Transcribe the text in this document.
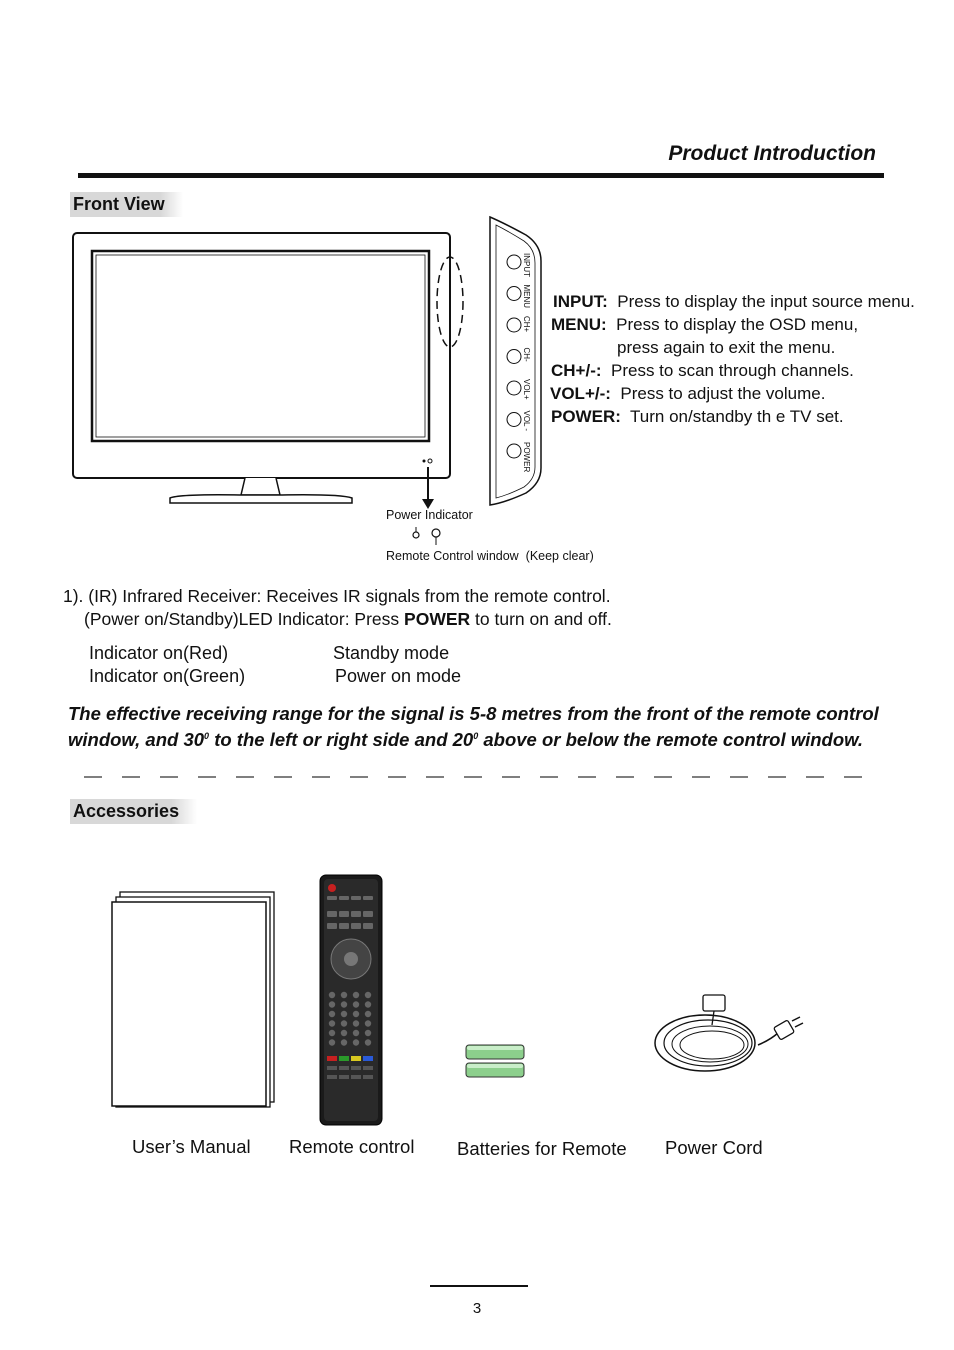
Product Introduction
Front View
INPUT
MENU
CH+
CH-
VOL+
VOL -
POWER
INPUT: Press to display the input source menu.
MENU: Press to display the OSD menu,
press again to exit the menu.
CH+/-: Press to scan through channels.
VOL+/-: Press to adjust the volume.
POWER: Turn on/standby th e TV set.
Power Indicator
Remote Control window (Keep clear)
1). (IR) Infrared Receiver: Receives IR signals from the remote control.
(Power on/Standby)LED Indicator: Press POWER to turn on and off.
Indicator on(Red)	Standby mode
Indicator on(Green)	Power on mode
The effective receiving range for the signal is 5-8 metres from the front of the remote control window, and $30^0$ to the left or right side and $20^0$ above or below the remote control window.
Accessories
User’s Manual Remote control Batteries for Remote Power Cord
3
